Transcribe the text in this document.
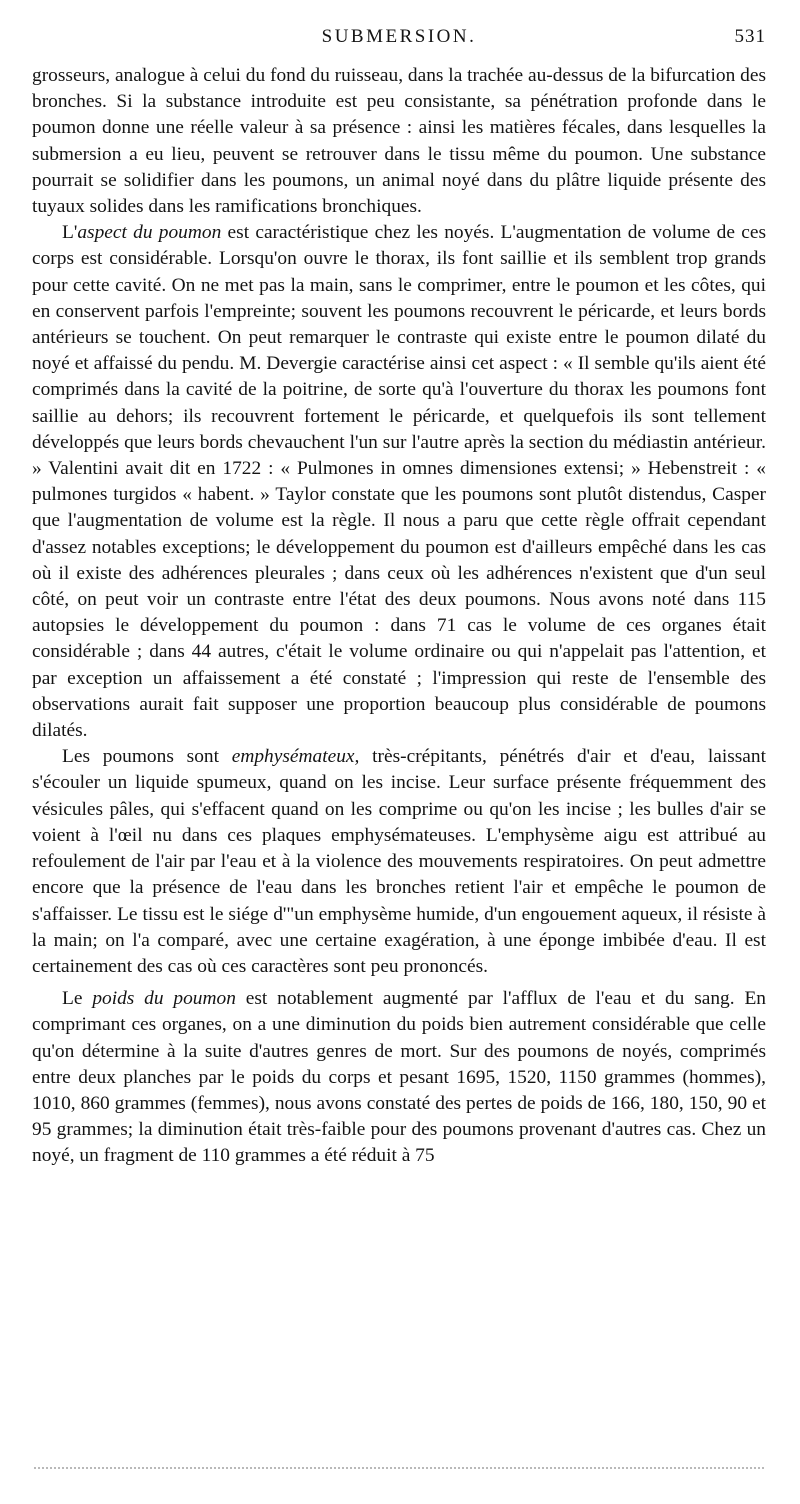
SUBMERSION.	531

grosseurs, analogue à celui du fond du ruisseau, dans la trachée au-dessus de la bifurcation des bronches. Si la substance introduite est peu consistante, sa pénétration profonde dans le poumon donne une réelle valeur à sa présence : ainsi les matières fécales, dans lesquelles la submersion a eu lieu, peuvent se retrouver dans le tissu même du poumon. Une substance pourrait se solidifier dans les poumons, un animal noyé dans du plâtre liquide présente des tuyaux solides dans les ramifications bronchiques.

L'aspect du poumon est caractéristique chez les noyés. L'augmentation de volume de ces corps est considérable. Lorsqu'on ouvre le thorax, ils font saillie et ils semblent trop grands pour cette cavité. On ne met pas la main, sans le comprimer, entre le poumon et les côtes, qui en conservent parfois l'empreinte; souvent les poumons recouvrent le péricarde, et leurs bords antérieurs se touchent. On peut remarquer le contraste qui existe entre le poumon dilaté du noyé et affaissé du pendu. M. Devergie caractérise ainsi cet aspect : « Il semble qu'ils aient été comprimés dans la cavité de la poitrine, de sorte qu'à l'ouverture du thorax les poumons font saillie au dehors; ils recouvrent fortement le péricarde, et quelquefois ils sont tellement développés que leurs bords chevauchent l'un sur l'autre après la section du médiastin antérieur. » Valentini avait dit en 1722 : « Pulmones in omnes dimensiones extensi; » Hebenstreit : « pulmones turgidos « habent. » Taylor constate que les poumons sont plutôt distendus, Casper que l'augmentation de volume est la règle. Il nous a paru que cette règle offrait cependant d'assez notables exceptions; le développement du poumon est d'ailleurs empêché dans les cas où il existe des adhérences pleurales ; dans ceux où les adhérences n'existent que d'un seul côté, on peut voir un contraste entre l'état des deux poumons. Nous avons noté dans 115 autopsies le développement du poumon : dans 71 cas le volume de ces organes était considérable ; dans 44 autres, c'était le volume ordinaire ou qui n'appelait pas l'attention, et par exception un affaissement a été constaté ; l'impression qui reste de l'ensemble des observations aurait fait supposer une proportion beaucoup plus considérable de poumons dilatés.

Les poumons sont emphysémateux, très-crépitants, pénétrés d'air et d'eau, laissant s'écouler un liquide spumeux, quand on les incise. Leur surface présente fréquemment des vésicules pâles, qui s'effacent quand on les comprime ou qu'on les incise ; les bulles d'air se voient à l'œil nu dans ces plaques emphysémateuses. L'emphysème aigu est attribué au refoulement de l'air par l'eau et à la violence des mouvements respiratoires. On peut admettre encore que la présence de l'eau dans les bronches retient l'air et empêche le poumon de s'affaisser. Le tissu est le siége d'"un emphysème humide, d'un engouement aqueux, il résiste à la main; on l'a comparé, avec une certaine exagération, à une éponge imbibée d'eau. Il est certainement des cas où ces caractères sont peu prononcés.

Le poids du poumon est notablement augmenté par l'afflux de l'eau et du sang. En comprimant ces organes, on a une diminution du poids bien autrement considérable que celle qu'on détermine à la suite d'autres genres de mort. Sur des poumons de noyés, comprimés entre deux planches par le poids du corps et pesant 1695, 1520, 1150 grammes (hommes), 1010, 860 grammes (femmes), nous avons constaté des pertes de poids de 166, 180, 150, 90 et 95 grammes; la diminution était très-faible pour des poumons provenant d'autres cas. Chez un noyé, un fragment de 110 grammes a été réduit à 75
